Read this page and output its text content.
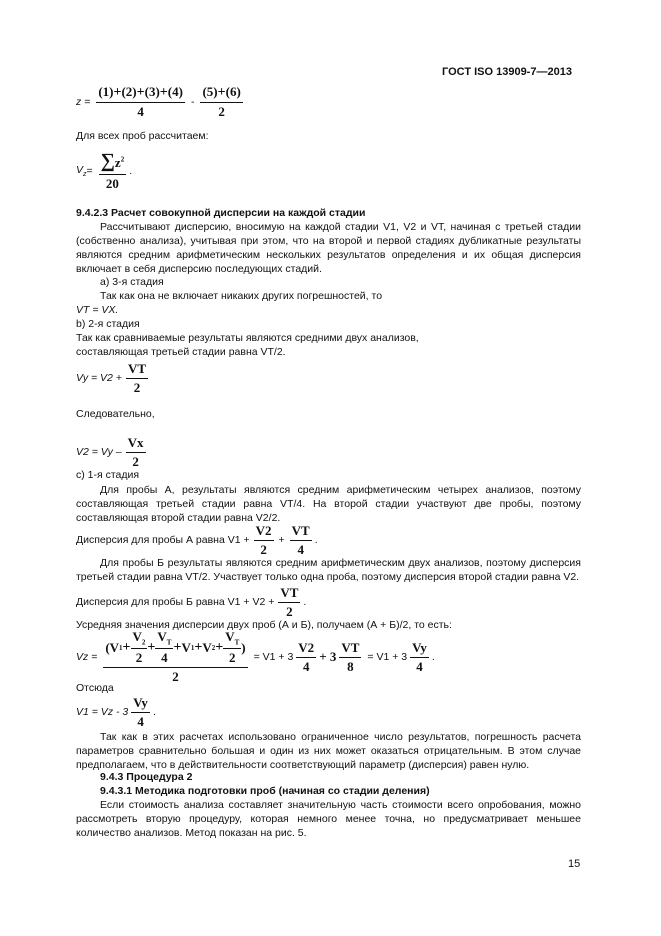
ГОСТ ISO 13909-7—2013
$z = \frac{(1)+(2)+(3)+(4)}{4} - \frac{(5)+(6)}{2}$
Для всех проб рассчитаем:
$V_z = \frac{\sum z^2}{20}$ .
9.4.2.3 Расчет совокупной дисперсии на каждой стадии
Рассчитывают дисперсию, вносимую на каждой стадии V1, V2 и VT, начиная с третьей стадии (собственно анализа), учитывая при этом, что на второй и первой стадиях дубликатные результаты являются средним арифметическим нескольких результатов определения и их общая дисперсия включает в себя дисперсию последующих стадий.
а) 3-я стадия
Так как она не включает никаких других погрешностей, то
VT = VX.
b) 2-я стадия
Так как сравниваемые результаты являются средними двух анализов,
составляющая третьей стадии равна VT/2.
$Vy = V2 + \frac{VT}{2}$
Следовательно,
$V2 = Vy - \frac{Vx}{2}$
с) 1-я стадия
Для пробы А, результаты являются средним арифметическим четырех анализов, поэтому составляющая третьей стадии равна VT/4. На второй стадии участвуют две пробы, поэтому составляющая второй стадии равна V2/2.
Дисперсия для пробы А равна $V1 + \frac{V2}{2} + \frac{VT}{4}$ .
Для пробы Б результаты являются средним арифметическим двух анализов, поэтому дисперсия третьей стадии равна VT/2. Участвует только одна проба, поэтому дисперсия второй стадии равна V2.
Дисперсия для пробы Б равна $V1 + V2 + \frac{VT}{2}$ .
Усредняя значения дисперсии двух проб (А и Б), получаем (А + Б)/2, то есть:
$Vz = \frac{(V 1 + \frac{V_2}{2} + \frac{V_T}{4} + V 1 + V 2 + \frac{V_T}{2} )}{2} = V1 + 3 \frac{V2}{4} + 3 \frac{VT}{8} = V1 + 3 \frac{Vy}{4}$ .
Отсюда
$V1 = Vz - 3 \frac{Vy}{4}$ .
Так как в этих расчетах использовано ограниченное число результатов, погрешность расчета параметров сравнительно большая и один из них может оказаться отрицательным. В этом случае предполагаем, что в действительности соответствующий параметр (дисперсия) равен нулю.
9.4.3 Процедура 2
9.4.3.1 Методика подготовки проб (начиная со стадии деления)
Если стоимость анализа составляет значительную часть стоимости всего опробования, можно рассмотреть вторую процедуру, которая немного менее точна, но предусматривает меньшее количество анализов. Метод показан на рис. 5.
15
